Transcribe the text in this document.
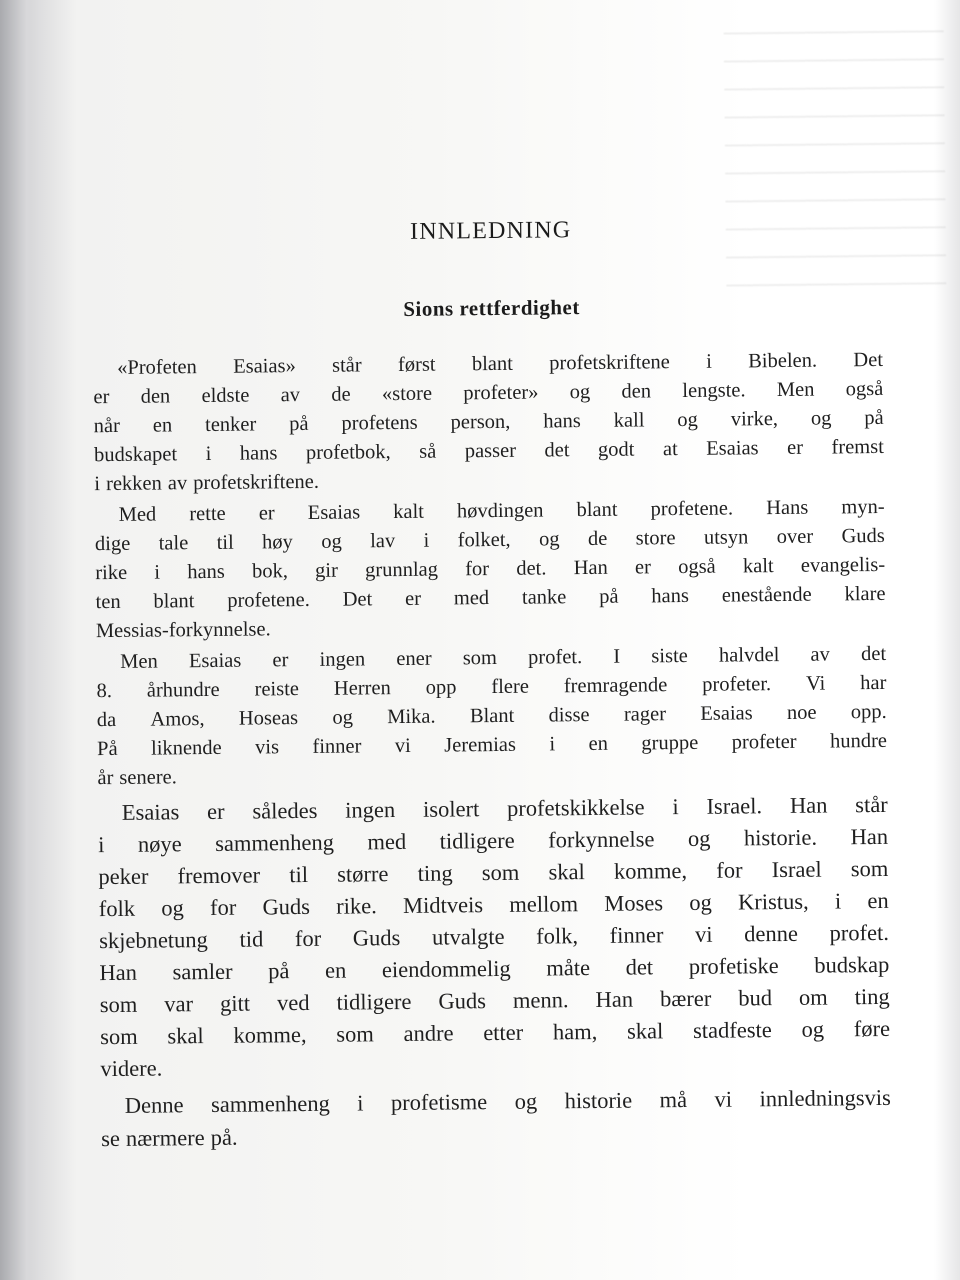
INNLEDNING
Sions rettferdighet
«Profeten Esaias» står først blant profetskriftene i Bibelen. Det
er den eldste av de «store profeter» og den lengste. Men også
når en tenker på profetens person, hans kall og virke, og på
budskapet i hans profetbok, så passer det godt at Esaias er fremst
i rekken av profetskriftene.
Med rette er Esaias kalt høvdingen blant profetene. Hans myn-
dige tale til høy og lav i folket, og de store utsyn over Guds
rike i hans bok, gir grunnlag for det. Han er også kalt evangelis-
ten blant profetene. Det er med tanke på hans enestående klare
Messias-forkynnelse.
Men Esaias er ingen ener som profet. I siste halvdel av det
8. århundre reiste Herren opp flere fremragende profeter. Vi har
da Amos, Hoseas og Mika. Blant disse rager Esaias noe opp.
På liknende vis finner vi Jeremias i en gruppe profeter hundre
år senere.
Esaias er således ingen isolert profetskikkelse i Israel. Han står
i nøye sammenheng med tidligere forkynnelse og historie. Han
peker fremover til større ting som skal komme, for Israel som
folk og for Guds rike. Midtveis mellom Moses og Kristus, i en
skjebnetung tid for Guds utvalgte folk, finner vi denne profet.
Han samler på en eiendommelig måte det profetiske budskap
som var gitt ved tidligere Guds menn. Han bærer bud om ting
som skal komme, som andre etter ham, skal stadfeste og føre
videre.
Denne sammenheng i profetisme og historie må vi innledningsvis
se nærmere på.
